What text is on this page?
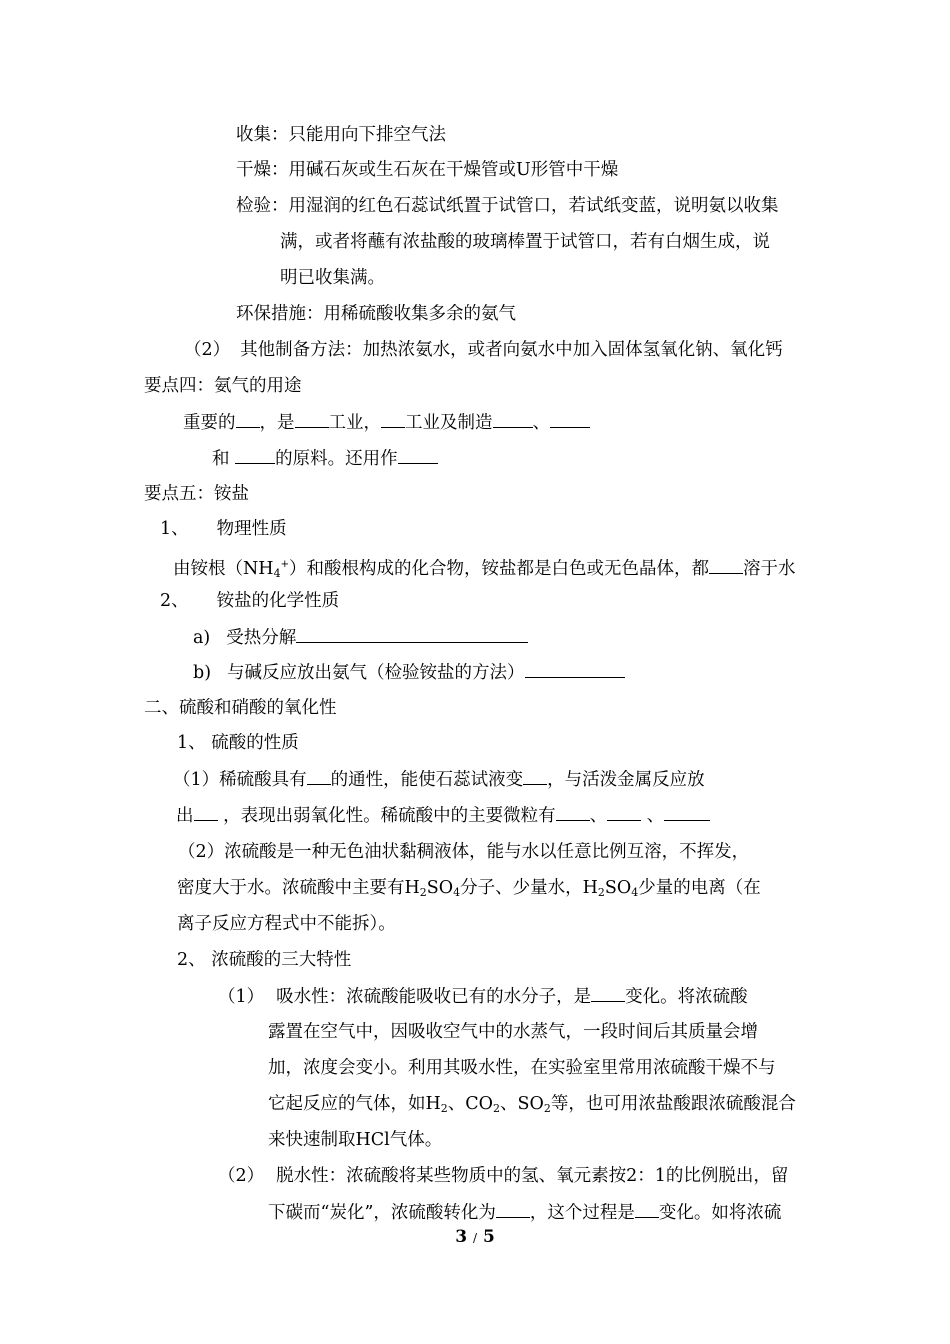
收集：只能用向下排空气法
干燥：用碱石灰或生石灰在干燥管或U形管中干燥
检验：用湿润的红色石蕊试纸置于试管口，若试纸变蓝，说明氨以收集
满，或者将蘸有浓盐酸的玻璃棒置于试管口，若有白烟生成，说
明已收集满。
环保措施：用稀硫酸收集多余的氨气
（2） 其他制备方法：加热浓氨水，或者向氨水中加入固体氢氧化钠、氧化钙
要点四：氨气的用途
重要的 ，是 工业， 工业及制造 、
和	的原料。还用作
要点五：铵盐
1、 物理性质
由铵根$(NH_4^+)$和酸根构成的化合物，铵盐都是白色或无色晶体，都 溶于水
2、 铵盐的化学性质
a) 受热分解
b) 与碱反应放出氨气（检验铵盐的方法）
二、硫酸和硝酸的氧化性
1、 硫酸的性质
（1）稀硫酸具有 的通性，能使石蕊试液变 ，与活泼金属反应放
出 ，表现出弱氧化性。稀硫酸中的主要微粒有 、 、
（2）浓硫酸是一种无色油状黏稠液体，能与水以任意比例互溶，不挥发，
密度大于水。浓硫酸中主要有$H_2SO_4$分子、少量水，$H_2SO_4$少量的电离（在
离子反应方程式中不能拆）。
2、 浓硫酸的三大特性
（1） 吸水性：浓硫酸能吸收已有的水分子，是 变化。将浓硫酸
露置在空气中，因吸收空气中的水蒸气，一段时间后其质量会增
加，浓度会变小。利用其吸水性，在实验室里常用浓硫酸干燥不与
它起反应的气体，如$H_2$、$CO_2$、$SO_2$等，也可用浓盐酸跟浓硫酸混合
来快速制取HCl气体。
（2） 脱水性：浓硫酸将某些物质中的氢、氧元素按2：1的比例脱出，留
下碳而“炭化”，浓硫酸转化为 ，这个过程是 变化。如将浓硫
3 / 5
